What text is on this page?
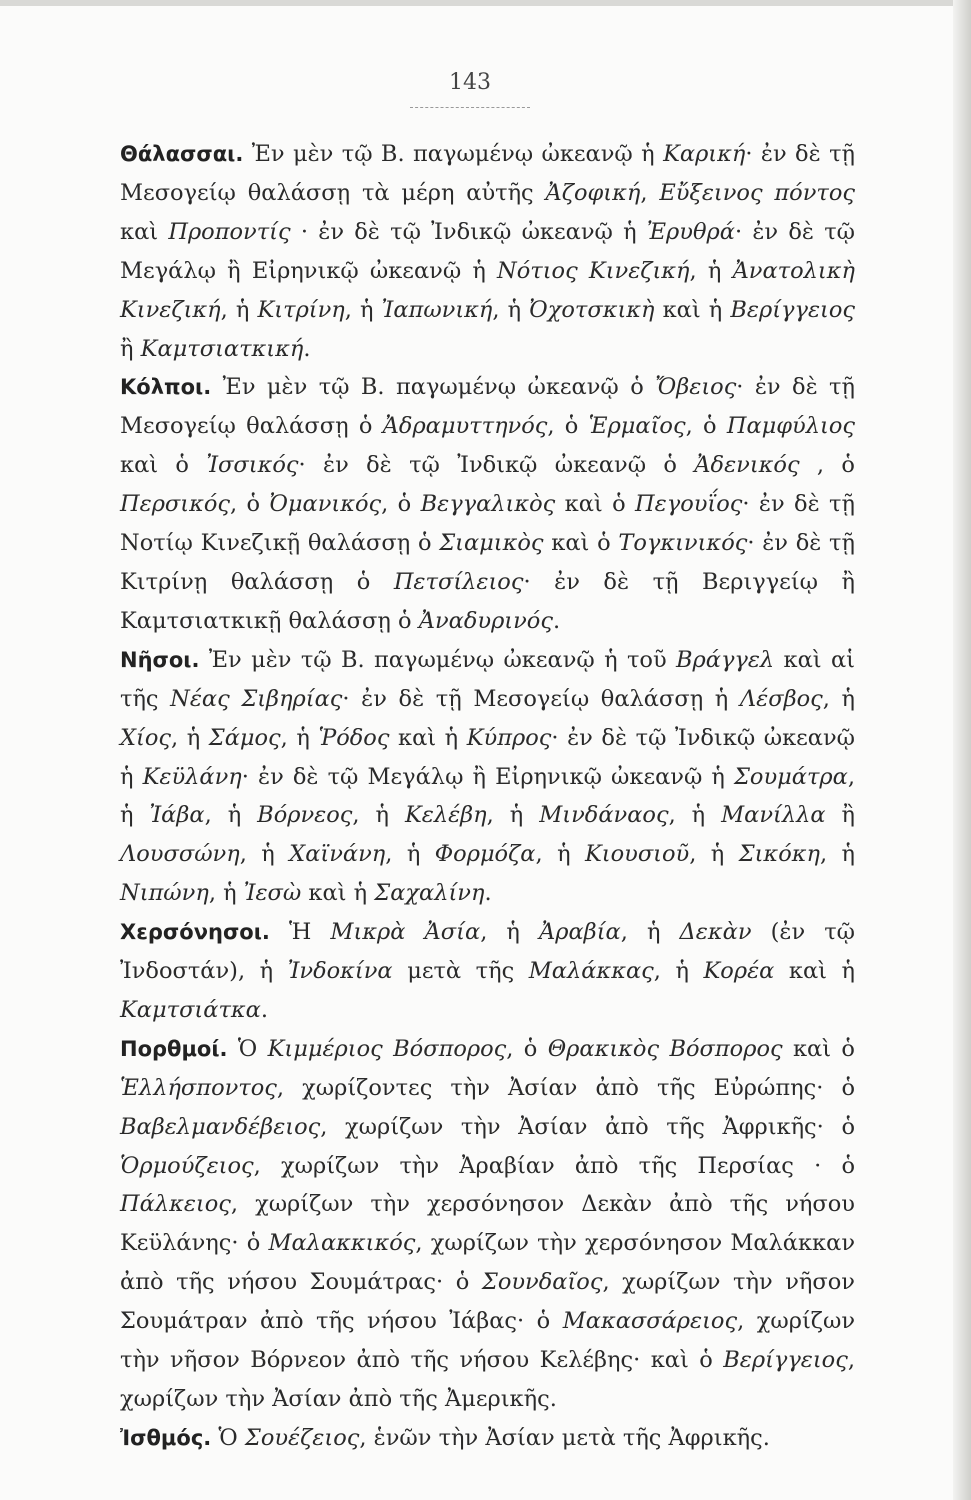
143

Θάλασσαι. Ἐν μὲν τῷ Β. παγωμένῳ ὠκεανῷ ἡ Καρική· ἐν δὲ τῇ Μεσογείῳ θαλάσσῃ τὰ μέρη αὐτῆς Ἀζοφική, Εὔξεινος πόντος καὶ Προποντίς · ἐν δὲ τῷ Ἰνδικῷ ὠκεανῷ ἡ Ἐρυθρά· ἐν δὲ τῷ Μεγάλῳ ἢ Εἰρηνικῷ ὠκεανῷ ἡ Νότιος Κινεζική, ἡ Ἀνατολικὴ Κινεζική, ἡ Κιτρίνη, ἡ Ἰαπωνική, ἡ Ὀχοτσκικὴ καὶ ἡ Βερίγγειος ἢ Καμτσιατκική.

Κόλποι. Ἐν μὲν τῷ Β. παγωμένῳ ὠκεανῷ ὁ Ὄβειος· ἐν δὲ τῇ Μεσογείῳ θαλάσσῃ ὁ Ἀδραμυττηνός, ὁ Ἑρμαῖος, ὁ Παμφύλιος καὶ ὁ Ἰσσικός· ἐν δὲ τῷ Ἰνδικῷ ὠκεανῷ ὁ Ἀδενικός , ὁ Περσικός, ὁ Ὀμανικός, ὁ Βεγγαλικὸς καὶ ὁ Πεγουΐος· ἐν δὲ τῇ Νοτίῳ Κινεζικῇ θαλάσσῃ ὁ Σιαμικὸς καὶ ὁ Τογκινικός· ἐν δὲ τῇ Κιτρίνῃ θαλάσσῃ ὁ Πετσίλειος· ἐν δὲ τῇ Βεριγγείῳ ἢ Καμτσιατκικῇ θαλάσσῃ ὁ Ἀναδυρινός.

Νῆσοι. Ἐν μὲν τῷ Β. παγωμένῳ ὠκεανῷ ἡ τοῦ Βράγγελ καὶ αἱ τῆς Νέας Σιβηρίας· ἐν δὲ τῇ Μεσογείῳ θαλάσσῃ ἡ Λέσβος, ἡ Χίος, ἡ Σάμος, ἡ Ῥόδος καὶ ἡ Κύπρος· ἐν δὲ τῷ Ἰνδικῷ ὠκεανῷ ἡ Κεϋλάνη· ἐν δὲ τῷ Μεγάλῳ ἢ Εἰρηνικῷ ὠκεανῷ ἡ Σουμάτρα, ἡ Ἰάβα, ἡ Βόρνεος, ἡ Κελέβη, ἡ Μινδάναος, ἡ Μανίλλα ἢ Λουσσώνη, ἡ Χαϊνάνη, ἡ Φορμόζα, ἡ Κιουσιοῦ, ἡ Σικόκη, ἡ Νιπώνη, ἡ Ἰεσὼ καὶ ἡ Σαχαλίνη.

Χερσόνησοι. Ἡ Μικρὰ Ἀσία, ἡ Ἀραβία, ἡ Δεκὰν (ἐν τῷ Ἰνδοστάν), ἡ Ἰνδοκίνα μετὰ τῆς Μαλάκκας, ἡ Κορέα καὶ ἡ Καμτσιάτκα.

Πορθμοί. Ὁ Κιμμέριος Βόσπορος, ὁ Θρακικὸς Βόσπορος καὶ ὁ Ἑλλήσποντος, χωρίζοντες τὴν Ἀσίαν ἀπὸ τῆς Εὐρώπης· ὁ Βαβελμανδέβειος, χωρίζων τὴν Ἀσίαν ἀπὸ τῆς Ἀφρικῆς· ὁ Ὁρμούζειος, χωρίζων τὴν Ἀραβίαν ἀπὸ τῆς Περσίας · ὁ Πάλκειος, χωρίζων τὴν χερσόνησον Δεκὰν ἀπὸ τῆς νήσου Κεϋλάνης· ὁ Μαλακκικός, χωρίζων τὴν χερσόνησον Μαλάκκαν ἀπὸ τῆς νήσου Σουμάτρας· ὁ Σουνδαῖος, χωρίζων τὴν νῆσον Σουμάτραν ἀπὸ τῆς νήσου Ἰάβας· ὁ Μακασσάρειος, χωρίζων τὴν νῆσον Βόρνεον ἀπὸ τῆς νήσου Κελέβης· καὶ ὁ Βερίγγειος, χωρίζων τὴν Ἀσίαν ἀπὸ τῆς Ἀμερικῆς.

Ἰσθμός. Ὁ Σουέζειος, ἑνῶν τὴν Ἀσίαν μετὰ τῆς Ἀφρικῆς.
